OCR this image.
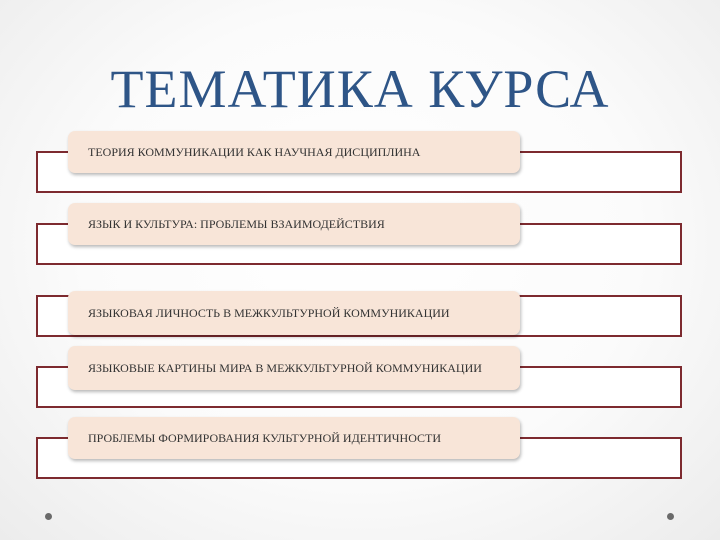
ТЕМАТИКА КУРСА
ТЕОРИЯ КОММУНИКАЦИИ КАК НАУЧНАЯ ДИСЦИПЛИНА
ЯЗЫК И КУЛЬТУРА: ПРОБЛЕМЫ ВЗАИМОДЕЙСТВИЯ
ЯЗЫКОВАЯ ЛИЧНОСТЬ В МЕЖКУЛЬТУРНОЙ КОММУНИКАЦИИ
ЯЗЫКОВЫЕ КАРТИНЫ МИРА В МЕЖКУЛЬТУРНОЙ КОММУНИКАЦИИ
ПРОБЛЕМЫ ФОРМИРОВАНИЯ КУЛЬТУРНОЙ ИДЕНТИЧНОСТИ
